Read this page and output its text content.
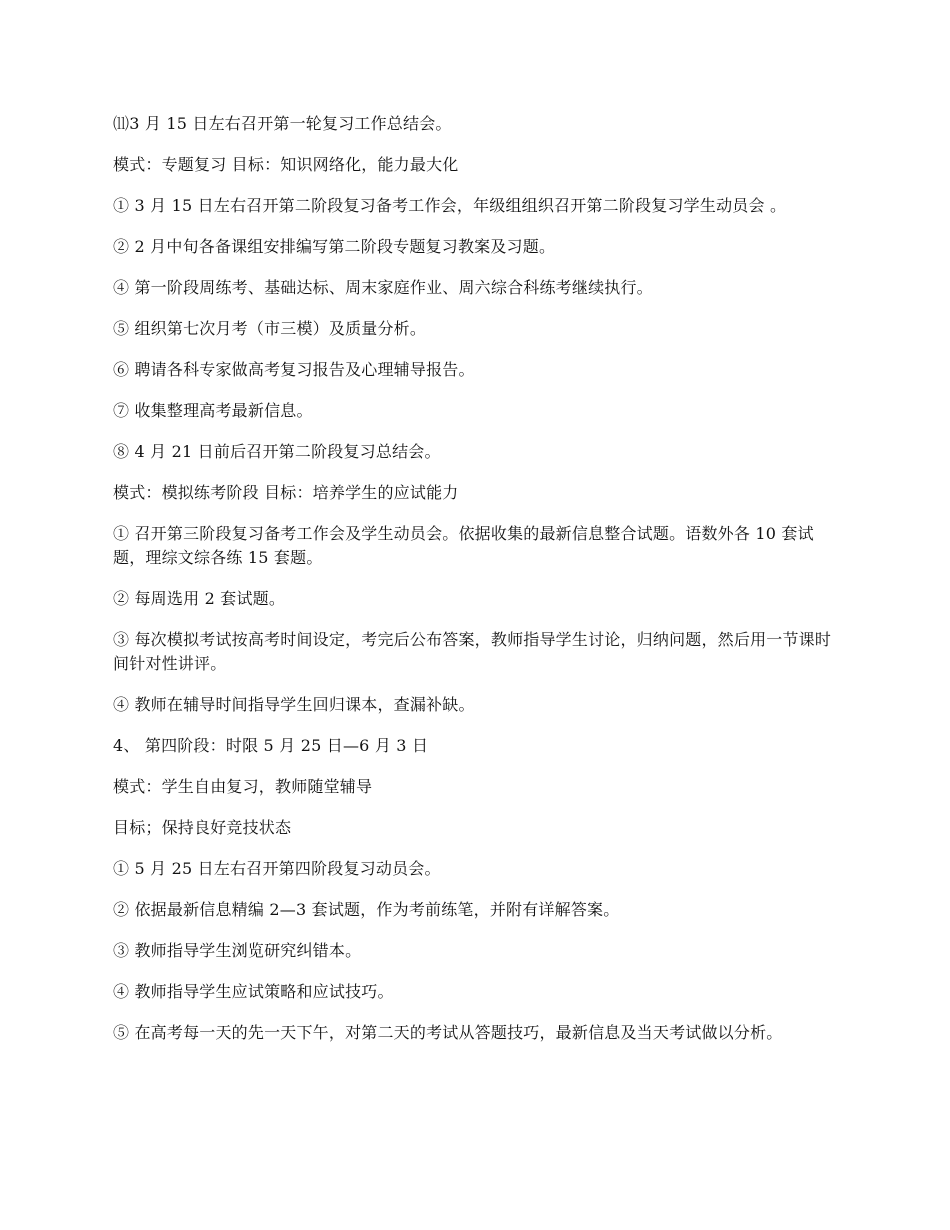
⑾3 月 15 日左右召开第一轮复习工作总结会。

模式：专题复习 目标：知识网络化，能力最大化

① 3 月 15 日左右召开第二阶段复习备考工作会，年级组组织召开第二阶段复习学生动员会 。

② 2 月中旬各备课组安排编写第二阶段专题复习教案及习题。

④ 第一阶段周练考、基础达标、周末家庭作业、周六综合科练考继续执行。

⑤ 组织第七次月考（市三模）及质量分析。

⑥ 聘请各科专家做高考复习报告及心理辅导报告。

⑦ 收集整理高考最新信息。

⑧ 4 月 21 日前后召开第二阶段复习总结会。

模式：模拟练考阶段 目标：培养学生的应试能力

① 召开第三阶段复习备考工作会及学生动员会。依据收集的最新信息整合试题。语数外各 10 套试题，理综文综各练 15 套题。

② 每周选用 2 套试题。

③ 每次模拟考试按高考时间设定，考完后公布答案，教师指导学生讨论，归纳问题，然后用一节课时间针对性讲评。

④ 教师在辅导时间指导学生回归课本，查漏补缺。

4、 第四阶段：时限 5 月 25 日—6 月 3 日

模式：学生自由复习，教师随堂辅导

目标；保持良好竞技状态

① 5 月 25 日左右召开第四阶段复习动员会。

② 依据最新信息精编 2—3 套试题，作为考前练笔，并附有详解答案。

③ 教师指导学生浏览研究纠错本。

④ 教师指导学生应试策略和应试技巧。

⑤ 在高考每一天的先一天下午，对第二天的考试从答题技巧，最新信息及当天考试做以分析。
